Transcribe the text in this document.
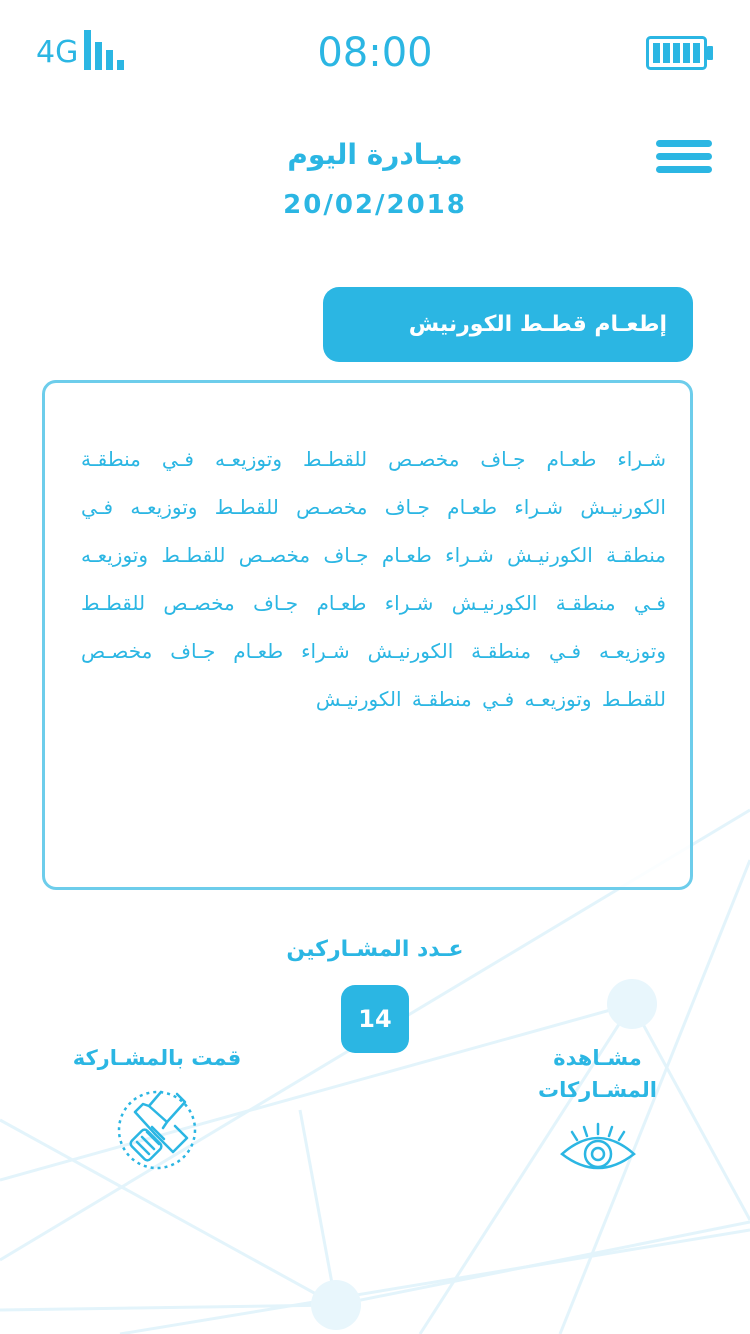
4G	08:00
مبـادرة اليوم
20/02/2018
إطعـام قطـط الكورنيش

شـراء طعـام جـاف مخصـص للقطـط وتوزيعـه فـي منطقـة الكورنيـش شـراء طعـام جـاف مخصـص للقطـط وتوزيعـه فـي منطقـة الكورنيـش شـراء طعـام جـاف مخصـص للقطـط وتوزيعـه فـي منطقـة الكورنيـش شـراء طعـام جـاف مخصـص للقطـط وتوزيعـه فـي منطقـة الكورنيـش شـراء طعـام جـاف مخصـص للقطـط وتوزيعـه فـي منطقـة الكورنيـش

عـدد المشـاركين
14
قمت بالمشـاركة	مشـاهدة المشـاركات
